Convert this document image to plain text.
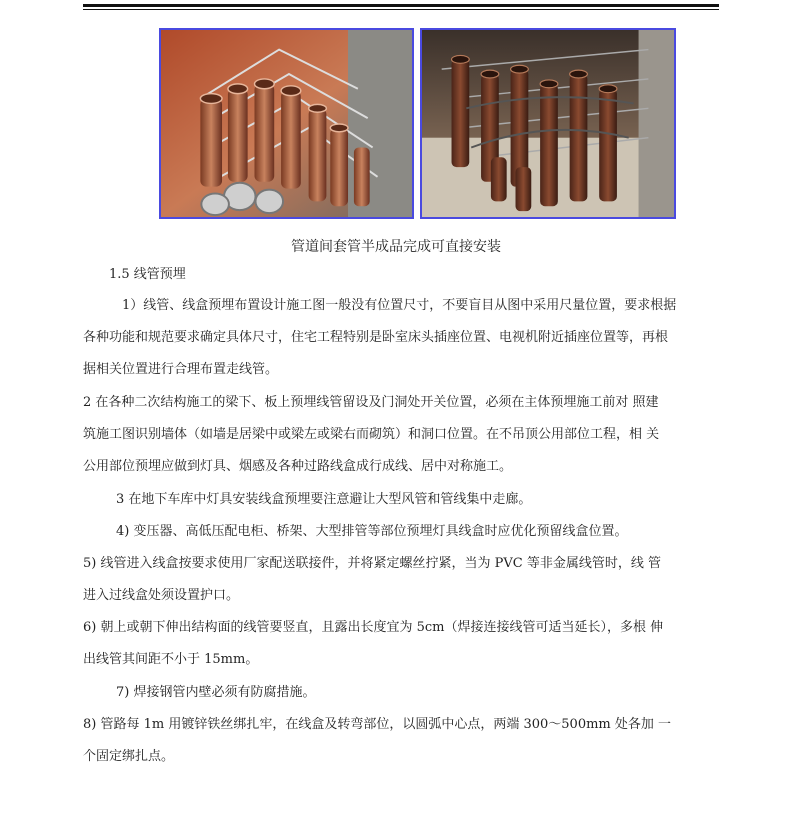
管道间套管半成品完成可直接安装
1.5 线管预埋
1）线管、线盒预埋布置设计施工图一般没有位置尺寸，不要盲目从图中采用尺量位置，要求根据
各种功能和规范要求确定具体尺寸，住宅工程特别是卧室床头插座位置、电视机附近插座位置等，再根
据相关位置进行合理布置走线管。
2 在各种二次结构施工的梁下、板上预埋线管留设及门洞处开关位置，必须在主体预埋施工前对 照建
筑施工图识别墙体（如墙是居梁中或梁左或梁右而砌筑）和洞口位置。在不吊顶公用部位工程，相 关
公用部位预埋应做到灯具、烟感及各种过路线盒成行成线、居中对称施工。
3 在地下车库中灯具安装线盒预埋要注意避让大型风管和管线集中走廊。
4) 变压器、高低压配电柜、桥架、大型排管等部位预埋灯具线盒时应优化预留线盒位置。
5) 线管进入线盒按要求使用厂家配送联接件，并将紧定螺丝拧紧，当为 PVC 等非金属线管时，线 管
进入过线盒处须设置护口。
6) 朝上或朝下伸出结构面的线管要竖直，且露出长度宜为 5cm（焊接连接线管可适当延长），多根 伸
出线管其间距不小于 15mm。
7) 焊接钢管内壁必须有防腐措施。
8) 管路每 1m 用镀锌铁丝绑扎牢，在线盒及转弯部位，以圆弧中心点，两端 300～500mm 处各加 一
个固定绑扎点。
